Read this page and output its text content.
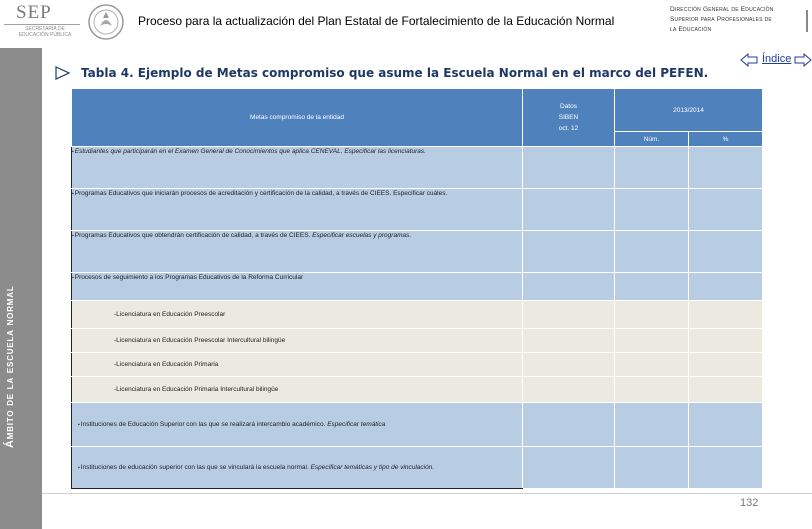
SEP
SECRETARÍA DE EDUCACIÓN PÚBLICA
Proceso para la actualización del Plan Estatal de Fortalecimiento de la Educación Normal
Dirección General de Educación
Superior para Profesionales de
la Educación
Ámbito de la escuela normal
Índice
Tabla 4. Ejemplo de Metas compromiso que asume la Escuela Normal en el marco del PEFEN.
Metas compromiso de la entidad	Datos
SIBEN
oct. 12	2013/2014	
		Núm.	%
▪ Estudiantes que participarán en el Examen General de Conocimientos que aplica CENEVAL. Especificar las licenciaturas.			
▪ Programas Educativos que iniciarán procesos de acreditación y certificación de la calidad, a través de CIEES. Especificar cuáles.			
▪ Programas Educativos que obtendrán certificación de calidad, a través de CIEES. Especificar escuelas y programas.			
▪ Procesos de seguimiento a los Programas Educativos de la Reforma Curricular			
-Licenciatura en Educación Preescolar			
-Licenciatura en Educación Preescolar Intercultural bilingüe			
-Licenciatura en Educación Primaria			
-Licenciatura en Educación Primaria Intercultural bilingüe			
▪ Instituciones de Educación Superior con las que se realizará intercambio académico. Especificar temática			
▪ Instituciones de educación superior con las que se vinculará la escuela normal. Especificar temáticas y tipo de vinculación.			
132
